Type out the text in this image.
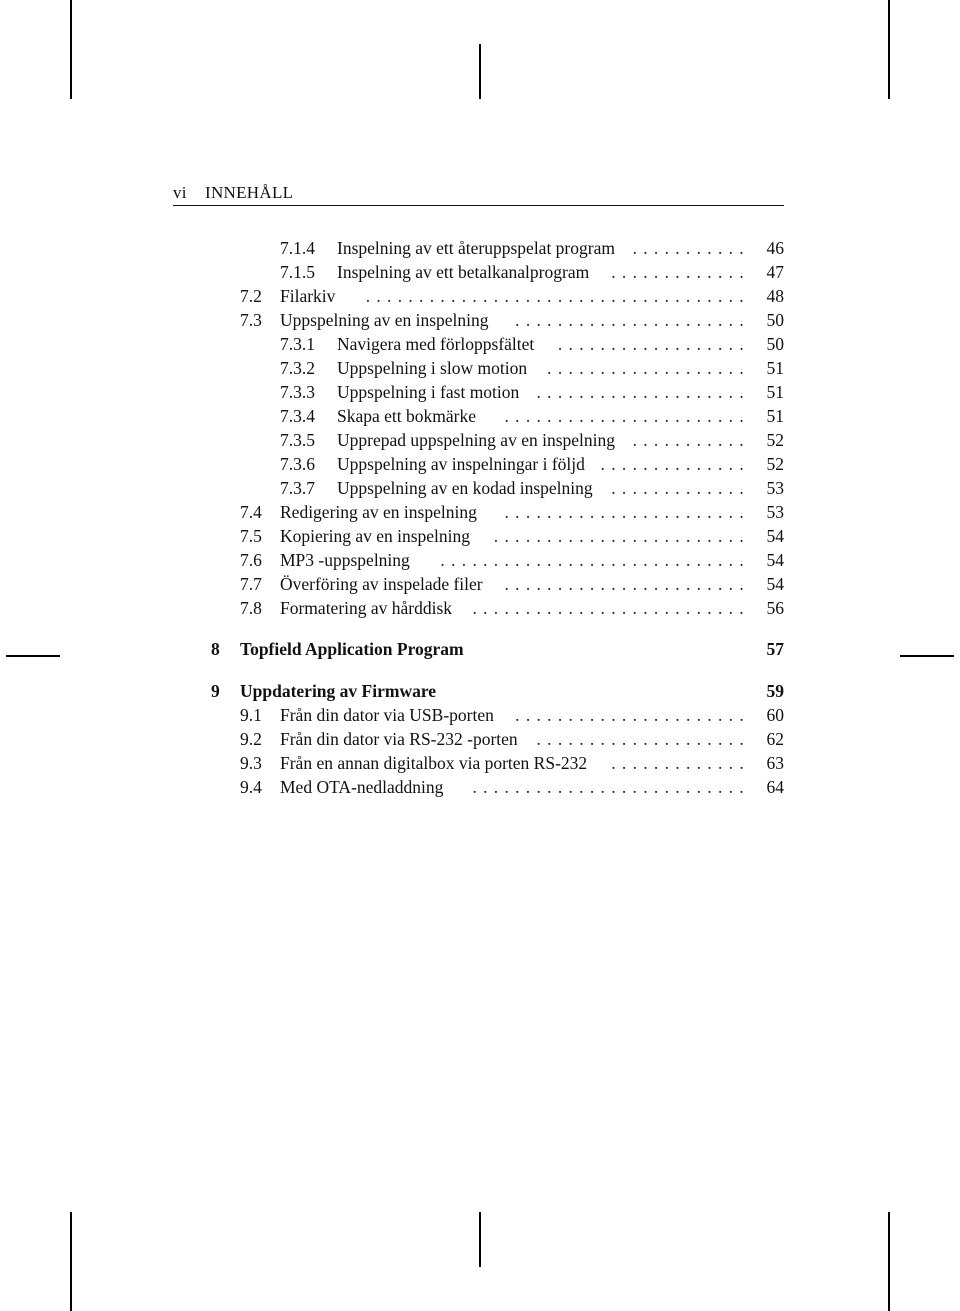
vi INNEHÅLL
7.1.4 Inspelning av ett återuppspelat program	........... 46
7.1.5 Inspelning av ett betalkanalprogram	............. 47
7.2 Filarkiv	.................................... 48
7.3 Uppspelning av en inspelning	...................... 50
7.3.1 Navigera med förloppsfältet	.................. 50
7.3.2 Uppspelning i slow motion	................... 51
7.3.3 Uppspelning i fast motion .................... 51
7.3.4 Skapa ett bokmärke	....................... 51
7.3.5 Upprepad uppspelning av en inspelning	........... 52
7.3.6 Uppspelning av inspelningar i följd .............. 52
7.3.7 Uppspelning av en kodad inspelning	............. 53
7.4 Redigering av en inspelning	....................... 53
7.5 Kopiering av en inspelning	........................ 54
7.6 MP3 -uppspelning	............................. 54
7.7 Överföring av inspelade filer	....................... 54
7.8 Formatering av hårddisk	.......................... 56
8 Topfield Application Program	57
9 Uppdatering av Firmware	59
9.1 Från din dator via USB-porten	...................... 60
9.2 Från din dator via RS-232 -porten	.................... 62
9.3 Från en annan digitalbox via porten RS-232	............. 63
9.4 Med OTA-nedladdning	.......................... 64
